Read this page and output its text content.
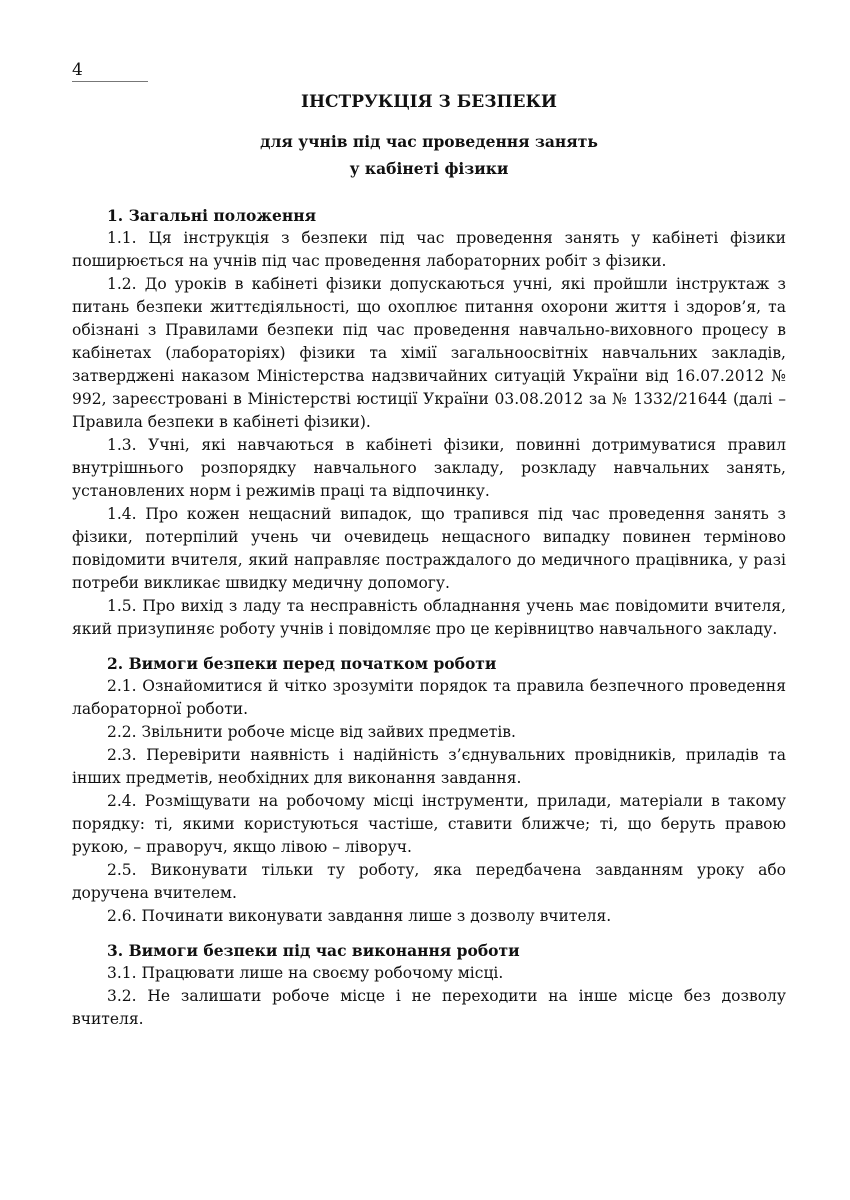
4
ІНСТРУКЦІЯ З БЕЗПЕКИ
для учнів під час проведення занять
у кабінеті фізики

1. Загальні положення

1.1. Ця інструкція з безпеки під час проведення занять у кабінеті фізики поширюється на учнів під час проведення лабораторних робіт з фізики.

1.2. До уроків в кабінеті фізики допускаються учні, які пройшли інструктаж з питань безпеки життєдіяльності, що охоплює питання охорони життя і здоров’я, та обізнані з Правилами безпеки під час проведення навчально-виховного процесу в кабінетах (лабораторіях) фізики та хімії загальноосвітніх навчальних закладів, затверджені наказом Міністерства надзвичайних ситуацій України від 16.07.2012 № 992, зареєстровані в Міністерстві юстиції України 03.08.2012 за № 1332/21644 (далі – Правила безпеки в кабінеті фізики).

1.3. Учні, які навчаються в кабінеті фізики, повинні дотримуватися правил внутрішнього розпорядку навчального закладу, розкладу навчальних занять, установлених норм і режимів праці та відпочинку.

1.4. Про кожен нещасний випадок, що трапився під час проведення занять з фізики, потерпілий учень чи очевидець нещасного випадку повинен терміново повідомити вчителя, який направляє постраждалого до медичного працівника, у разі потреби викликає швидку медичну допомогу.

1.5. Про вихід з ладу та несправність обладнання учень має повідомити вчителя, який призупиняє роботу учнів і повідомляє про це керівництво навчального закладу.

2. Вимоги безпеки перед початком роботи

2.1. Ознайомитися й чітко зрозуміти порядок та правила безпечного проведення лабораторної роботи.

2.2. Звільнити робоче місце від зайвих предметів.

2.3. Перевірити наявність і надійність з’єднувальних провідників, приладів та інших предметів, необхідних для виконання завдання.

2.4. Розміщувати на робочому місці інструменти, прилади, матеріали в такому порядку: ті, якими користуються частіше, ставити ближче; ті, що беруть правою рукою, – праворуч, якщо лівою – ліворуч.

2.5. Виконувати тільки ту роботу, яка передбачена завданням уроку або доручена вчителем.

2.6. Починати виконувати завдання лише з дозволу вчителя.

3. Вимоги безпеки під час виконання роботи

3.1. Працювати лише на своєму робочому місці.

3.2. Не залишати робоче місце і не переходити на інше місце без дозволу вчителя.
